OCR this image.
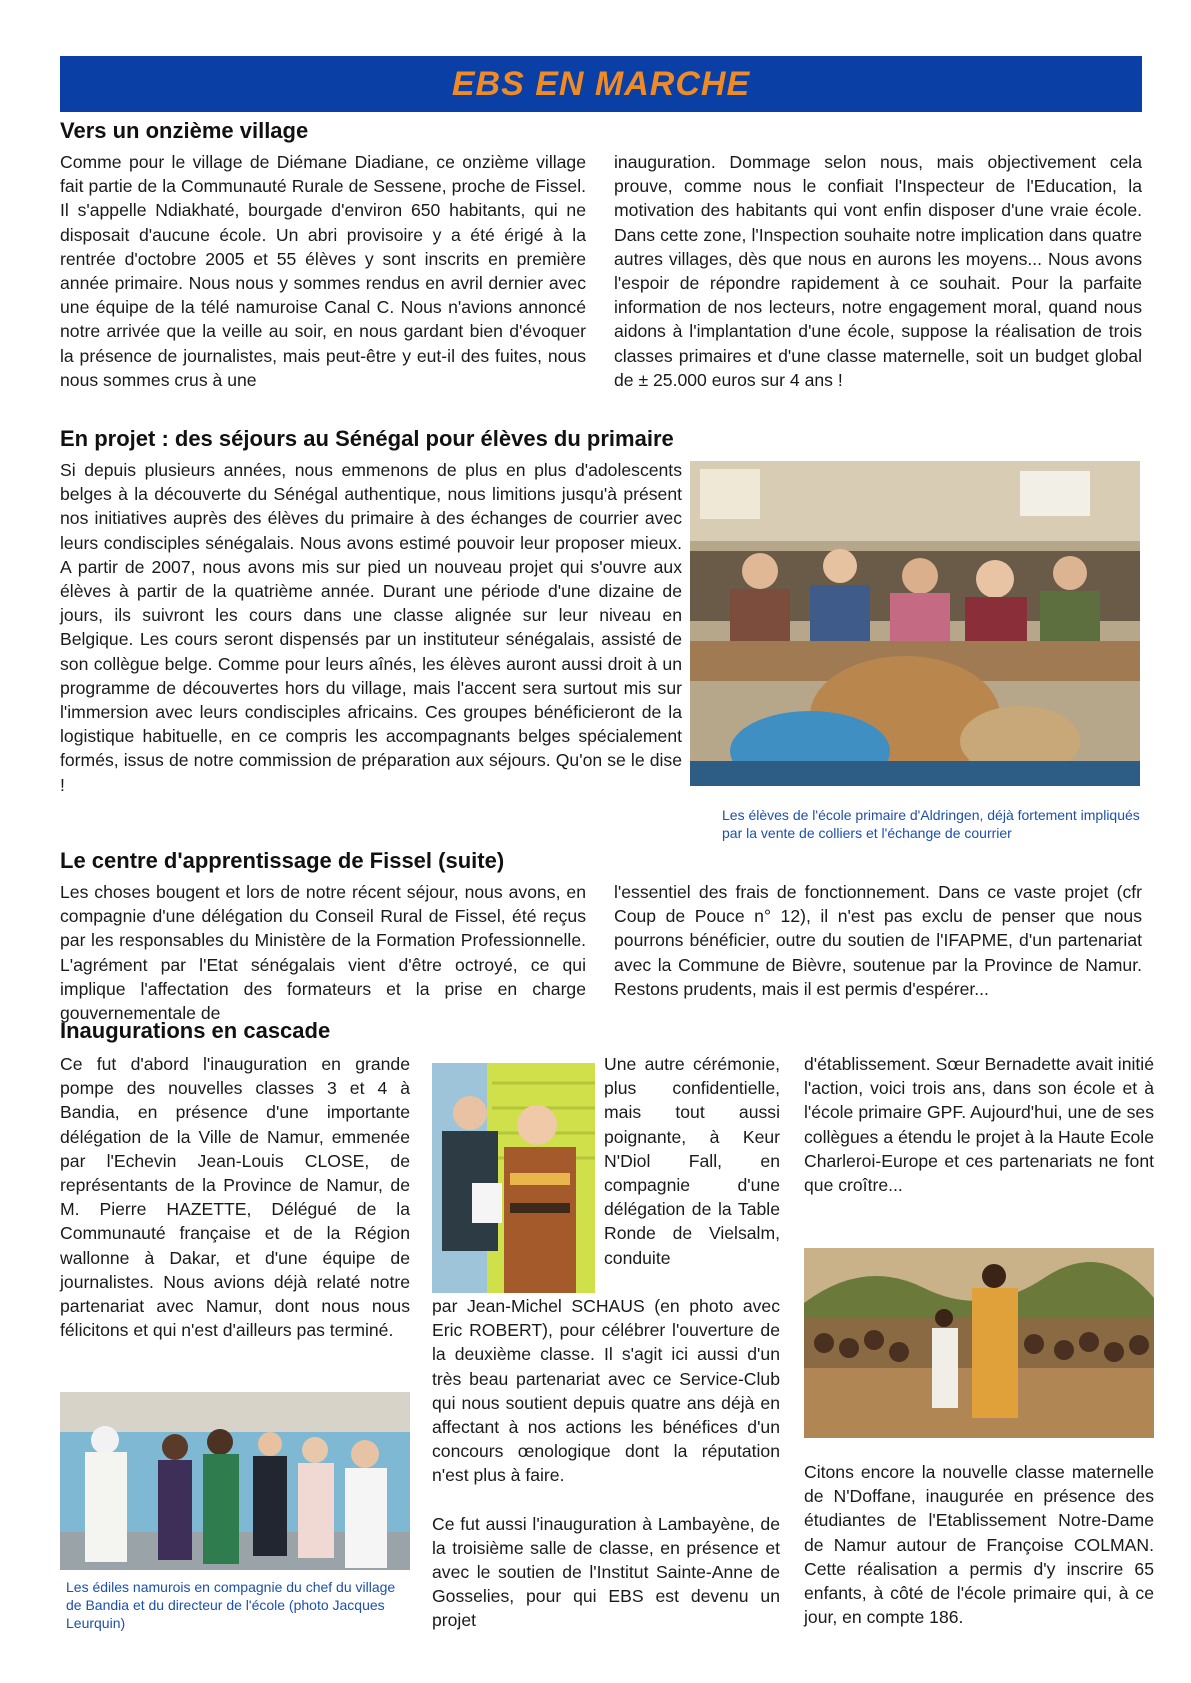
EBS EN MARCHE
Vers un onzième village

Comme pour le village de Diémane Diadiane, ce onzième village fait partie de la Communauté Rurale de Sessene, proche de Fissel. Il s'appelle Ndiakhaté, bourgade d'environ 650 habitants, qui ne disposait d'aucune école. Un abri provisoire y a été érigé à la rentrée d'octobre 2005 et 55 élèves y sont inscrits en première année primaire. Nous nous y sommes rendus en avril dernier avec une équipe de la télé namuroise Canal C. Nous n'avions annoncé notre arrivée que la veille au soir, en nous gardant bien d'évoquer la présence de journalistes, mais peut-être y eut-il des fuites, nous nous sommes crus à une

inauguration. Dommage selon nous, mais objectivement cela prouve, comme nous le confiait l'Inspecteur de l'Education, la motivation des habitants qui vont enfin disposer d'une vraie école. Dans cette zone, l'Inspection souhaite notre implication dans quatre autres villages, dès que nous en aurons les moyens... Nous avons l'espoir de répondre rapidement à ce souhait. Pour la parfaite information de nos lecteurs, notre engagement moral, quand nous aidons à l'implantation d'une école, suppose la réalisation de trois classes primaires et d'une classe maternelle, soit un budget global de ± 25.000 euros sur 4 ans !

En projet : des séjours au Sénégal pour élèves du primaire

Si depuis plusieurs années, nous emmenons de plus en plus d'adolescents belges à la découverte du Sénégal authentique, nous limitions jusqu'à présent nos initiatives auprès des élèves du primaire à des échanges de courrier avec leurs condisciples sénégalais. Nous avons estimé pouvoir leur proposer mieux. A partir de 2007, nous avons mis sur pied un nouveau projet qui s'ouvre aux élèves à partir de la quatrième année. Durant une période d'une dizaine de jours, ils suivront les cours dans une classe alignée sur leur niveau en Belgique. Les cours seront dispensés par un instituteur sénégalais, assisté de son collègue belge. Comme pour leurs aînés, les élèves auront aussi droit à un programme de découvertes hors du village, mais l'accent sera surtout mis sur l'immersion avec leurs condisciples africains. Ces groupes bénéficieront de la logistique habituelle, en ce compris les accompagnants belges spécialement formés, issus de notre commission de préparation aux séjours. Qu'on se le dise !

Les élèves de l'école primaire d'Aldringen, déjà fortement impliqués par la vente de colliers et l'échange de courrier

Le centre d'apprentissage de Fissel (suite)

Les choses bougent et lors de notre récent séjour, nous avons, en compagnie d'une délégation du Conseil Rural de Fissel, été reçus par les responsables du Ministère de la Formation Professionnelle. L'agrément par l'Etat sénégalais vient d'être octroyé, ce qui implique l'affectation des formateurs et la prise en charge gouvernementale de

l'essentiel des frais de fonctionnement. Dans ce vaste projet (cfr Coup de Pouce n° 12), il n'est pas exclu de penser que nous pourrons bénéficier, outre du soutien de l'IFAPME, d'un partenariat avec la Commune de Bièvre, soutenue par la Province de Namur. Restons prudents, mais il est permis d'espérer...

Inaugurations en cascade

Ce fut d'abord l'inauguration en grande pompe des nouvelles classes 3 et 4 à Bandia, en présence d'une importante délégation de la Ville de Namur, emmenée par l'Echevin Jean-Louis CLOSE, de représentants de la Province de Namur, de M. Pierre HAZETTE, Délégué de la Communauté française et de la Région wallonne à Dakar, et d'une équipe de journalistes. Nous avions déjà relaté notre partenariat avec Namur, dont nous nous félicitons et qui n'est d'ailleurs pas terminé.

Les édiles namurois en compagnie du chef du village de Bandia et du directeur de l'école (photo Jacques Leurquin)

Une autre cérémonie, plus confidentielle, mais tout aussi poignante, à Keur N'Diol Fall, en compagnie d'une délégation de la Table Ronde de Vielsalm, conduite

par Jean-Michel SCHAUS (en photo avec Eric ROBERT), pour célébrer l'ouverture de la deuxième classe. Il s'agit ici aussi d'un très beau partenariat avec ce Service-Club qui nous soutient depuis quatre ans déjà en affectant à nos actions les bénéfices d'un concours œnologique dont la réputation n'est plus à faire.

Ce fut aussi l'inauguration à Lambayène, de la troisième salle de classe, en présence et avec le soutien de l'Institut Sainte-Anne de Gosselies, pour qui EBS est devenu un projet

d'établissement. Sœur Bernadette avait initié l'action, voici trois ans, dans son école et à l'école primaire GPF. Aujourd'hui, une de ses collègues a étendu le projet à la Haute Ecole Charleroi-Europe et ces partenariats ne font que croître...

Citons encore la nouvelle classe maternelle de N'Doffane, inaugurée en présence des étudiantes de l'Etablissement Notre-Dame de Namur autour de Françoise COLMAN. Cette réalisation a permis d'y inscrire 65 enfants, à côté de l'école primaire qui, à ce jour, en compte 186.
